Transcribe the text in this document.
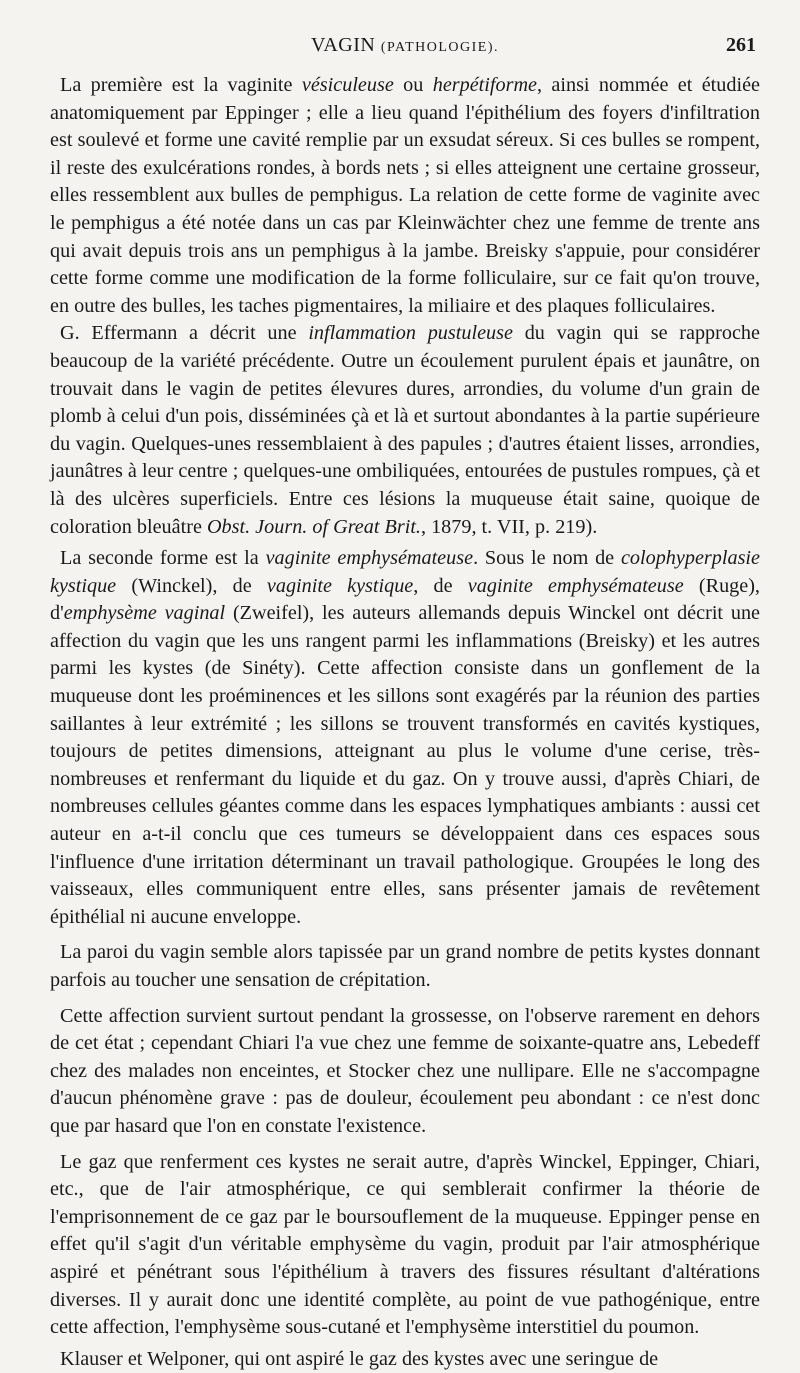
VAGIN (PATHOLOGIE).	261

La première est la vaginite vésiculeuse ou herpétiforme, ainsi nommée et étudiée anatomiquement par Eppinger ; elle a lieu quand l'épithélium des foyers d'infiltration est soulevé et forme une cavité remplie par un exsudat séreux. Si ces bulles se rompent, il reste des exulcérations rondes, à bords nets ; si elles atteignent une certaine grosseur, elles ressemblent aux bulles de pemphigus. La relation de cette forme de vaginite avec le pemphigus a été notée dans un cas par Kleinwächter chez une femme de trente ans qui avait depuis trois ans un pemphigus à la jambe. Breisky s'appuie, pour considérer cette forme comme une modification de la forme folliculaire, sur ce fait qu'on trouve, en outre des bulles, les taches pigmentaires, la miliaire et des plaques folliculaires.

G. Effermann a décrit une inflammation pustuleuse du vagin qui se rapproche beaucoup de la variété précédente. Outre un écoulement purulent épais et jaunâtre, on trouvait dans le vagin de petites élevures dures, arrondies, du volume d'un grain de plomb à celui d'un pois, disséminées çà et là et surtout abondantes à la partie supérieure du vagin. Quelques-unes ressemblaient à des papules ; d'autres étaient lisses, arrondies, jaunâtres à leur centre ; quelques-une ombiliquées, entourées de pustules rompues, çà et là des ulcères superficiels. Entre ces lésions la muqueuse était saine, quoique de coloration bleuâtre Obst. Journ. of Great Brit., 1879, t. VII, p. 219).

La seconde forme est la vaginite emphysémateuse. Sous le nom de colophyperplasie kystique (Winckel), de vaginite kystique, de vaginite emphysémateuse (Ruge), d'emphysème vaginal (Zweifel), les auteurs allemands depuis Winckel ont décrit une affection du vagin que les uns rangent parmi les inflammations (Breisky) et les autres parmi les kystes (de Sinéty). Cette affection consiste dans un gonflement de la muqueuse dont les proéminences et les sillons sont exagérés par la réunion des parties saillantes à leur extrémité ; les sillons se trouvent transformés en cavités kystiques, toujours de petites dimensions, atteignant au plus le volume d'une cerise, très-nombreuses et renfermant du liquide et du gaz. On y trouve aussi, d'après Chiari, de nombreuses cellules géantes comme dans les espaces lymphatiques ambiants : aussi cet auteur en a-t-il conclu que ces tumeurs se développaient dans ces espaces sous l'influence d'une irritation déterminant un travail pathologique. Groupées le long des vaisseaux, elles communiquent entre elles, sans présenter jamais de revêtement épithélial ni aucune enveloppe.

La paroi du vagin semble alors tapissée par un grand nombre de petits kystes donnant parfois au toucher une sensation de crépitation.

Cette affection survient surtout pendant la grossesse, on l'observe rarement en dehors de cet état ; cependant Chiari l'a vue chez une femme de soixante-quatre ans, Lebedeff chez des malades non enceintes, et Stocker chez une nullipare. Elle ne s'accompagne d'aucun phénomène grave : pas de douleur, écoulement peu abondant : ce n'est donc que par hasard que l'on en constate l'existence.

Le gaz que renferment ces kystes ne serait autre, d'après Winckel, Eppinger, Chiari, etc., que de l'air atmosphérique, ce qui semblerait confirmer la théorie de l'emprisonnement de ce gaz par le boursouflement de la muqueuse. Eppinger pense en effet qu'il s'agit d'un véritable emphysème du vagin, produit par l'air atmosphérique aspiré et pénétrant sous l'épithélium à travers des fissures résultant d'altérations diverses. Il y aurait donc une identité complète, au point de vue pathogénique, entre cette affection, l'emphysème sous-cutané et l'emphysème interstitiel du poumon.

Klauser et Welponer, qui ont aspiré le gaz des kystes avec une seringue de
